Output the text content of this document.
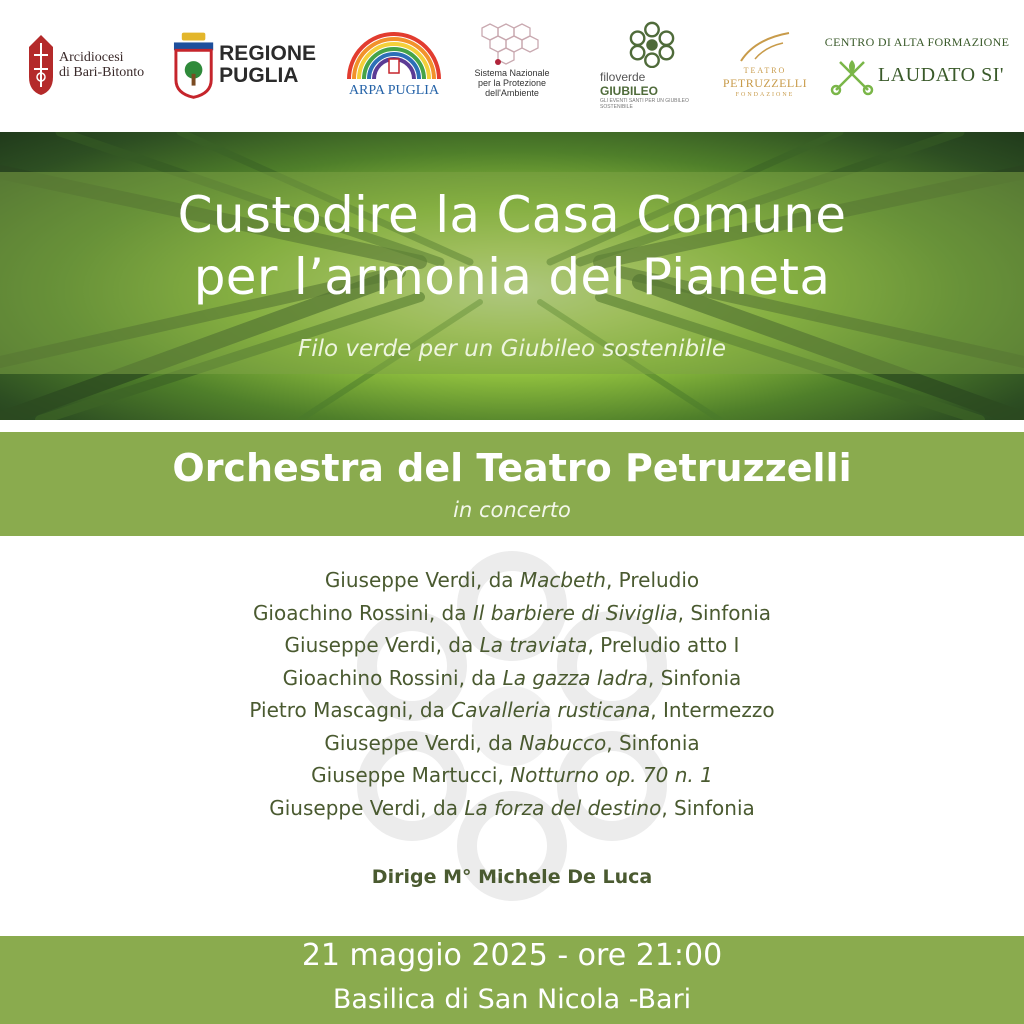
Arcidiocesi
di Bari-Bitonto
REGIONE
PUGLIA
ARPA PUGLIA
Sistema Nazionale
per la Protezione
dell'Ambiente
filoverde GIUBILEO
GLI EVENTI SANTI PER UN GIUBILEO SOSTENIBILE
TEATRO
PETRUZZELLI
FONDAZIONE
CENTRO DI ALTA FORMAZIONE
LAUDATO SI'
Custodire la Casa Comune
per l’armonia del Pianeta
Filo verde per un Giubileo sostenibile
Orchestra del Teatro Petruzzelli
in concerto
Giuseppe Verdi, da Macbeth, Preludio
Gioachino Rossini, da Il barbiere di Siviglia, Sinfonia
Giuseppe Verdi, da La traviata, Preludio atto I
Gioachino Rossini, da La gazza ladra, Sinfonia
Pietro Mascagni, da Cavalleria rusticana, Intermezzo
Giuseppe Verdi, da Nabucco, Sinfonia
Giuseppe Martucci, Notturno op. 70 n. 1
Giuseppe Verdi, da La forza del destino, Sinfonia
Dirige M° Michele De Luca
21 maggio 2025 - ore 21:00
Basilica di San Nicola -Bari
